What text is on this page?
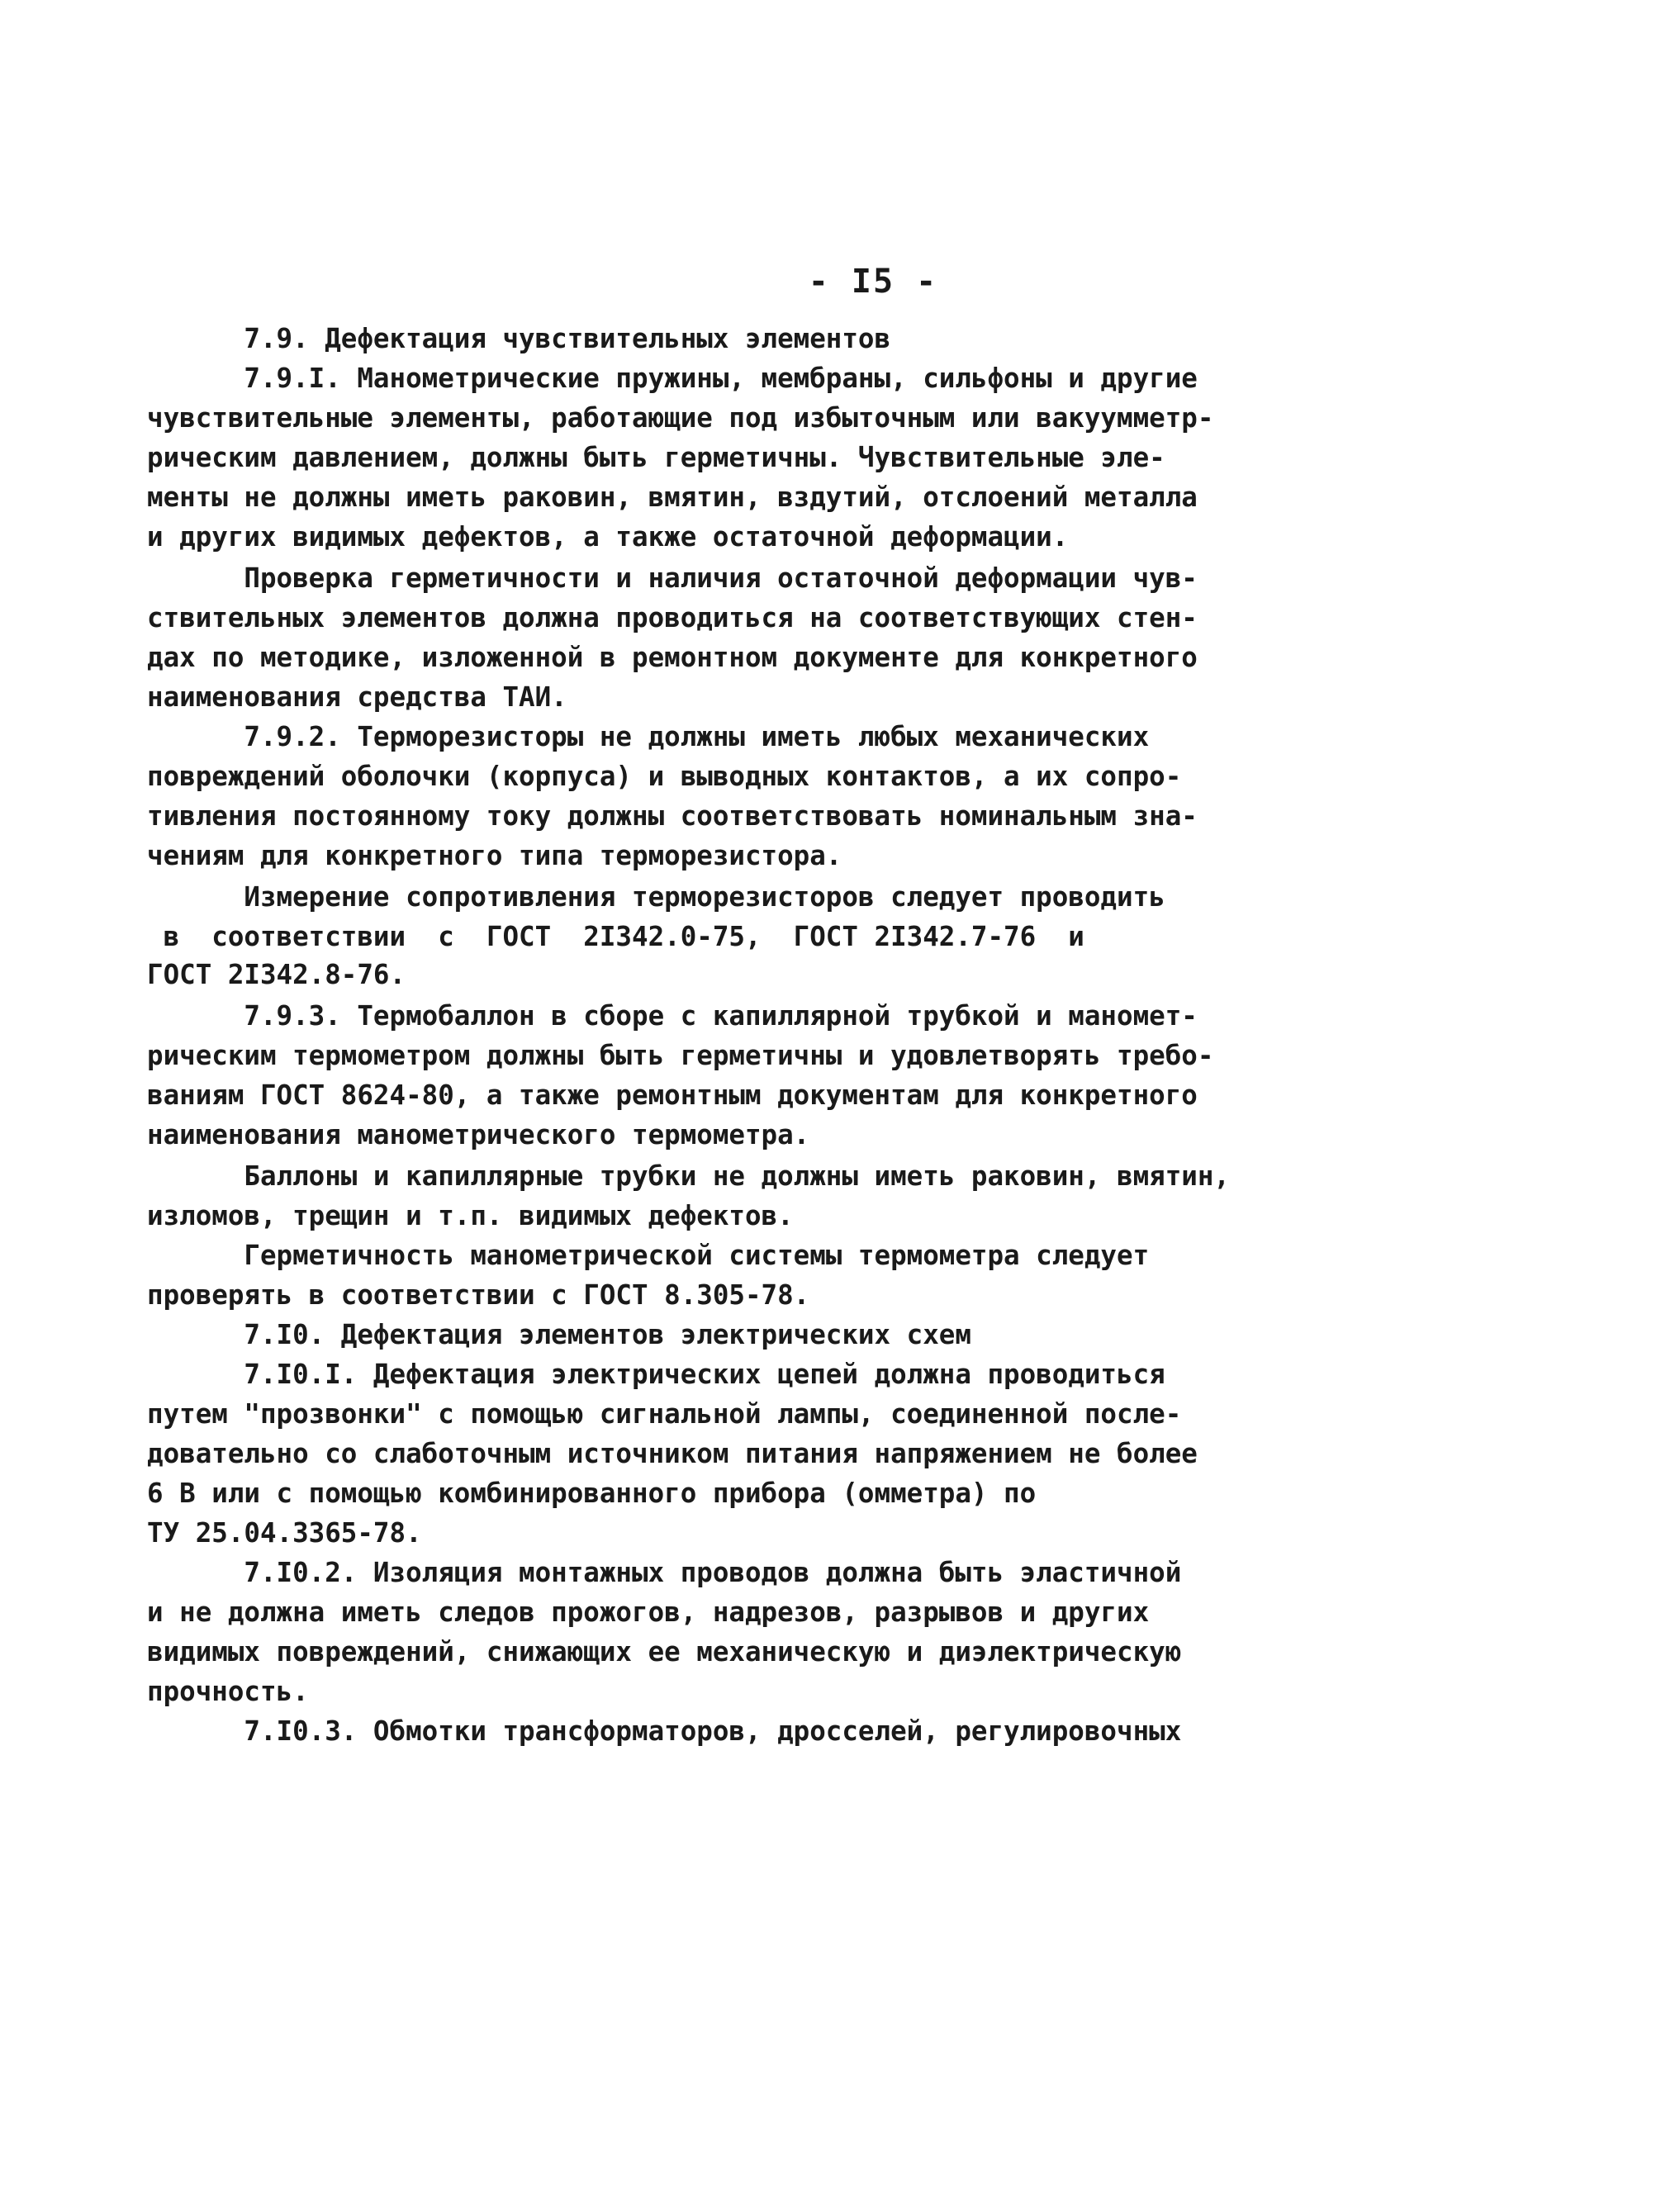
- I5 -
7.9. Дефектация чувствительных элементов
7.9.I. Манометрические пружины, мембраны, сильфоны и другие
чувствительные элементы, работающие под избыточным или вакуумметр-
рическим давлением, должны быть герметичны. Чувствительные эле-
менты не должны иметь раковин, вмятин, вздутий, отслоений металла
и других видимых дефектов, а также остаточной деформации.
Проверка герметичности и наличия остаточной деформации чув-
ствительных элементов должна проводиться на соответствующих стен-
дах по методике, изложенной в ремонтном документе для конкретного
наименования средства ТАИ.
7.9.2. Терморезисторы не должны иметь любых механических
повреждений оболочки (корпуса) и выводных контактов, а их сопро-
тивления постоянному току должны соответствовать номинальным зна-
чениям для конкретного типа терморезистора.
Измерение сопротивления терморезисторов следует проводить
в  соответствии  с  ГОСТ  2I342.0-75,  ГОСТ 2I342.7-76  и
ГОСТ 2I342.8-76.
7.9.3. Термобаллон в сборе с капиллярной трубкой и маномет-
рическим термометром должны быть герметичны и удовлетворять требо-
ваниям ГОСТ 8624-80, а также ремонтным документам для конкретного
наименования манометрического термометра.
Баллоны и капиллярные трубки не должны иметь раковин, вмятин,
изломов, трещин и т.п. видимых дефектов.
Герметичность манометрической системы термометра следует
проверять в соответствии с ГОСТ 8.305-78.
7.I0. Дефектация элементов электрических схем
7.I0.I. Дефектация электрических цепей должна проводиться
путем "прозвонки" с помощью сигнальной лампы, соединенной после-
довательно со слаботочным источником питания напряжением не более
6 В или с помощью комбинированного прибора (омметра) по
ТУ 25.04.3365-78.
7.I0.2. Изоляция монтажных проводов должна быть эластичной
и не должна иметь следов прожогов, надрезов, разрывов и других
видимых повреждений, снижающих ее механическую и диэлектрическую
прочность.
7.I0.3. Обмотки трансформаторов, дросселей, регулировочных
